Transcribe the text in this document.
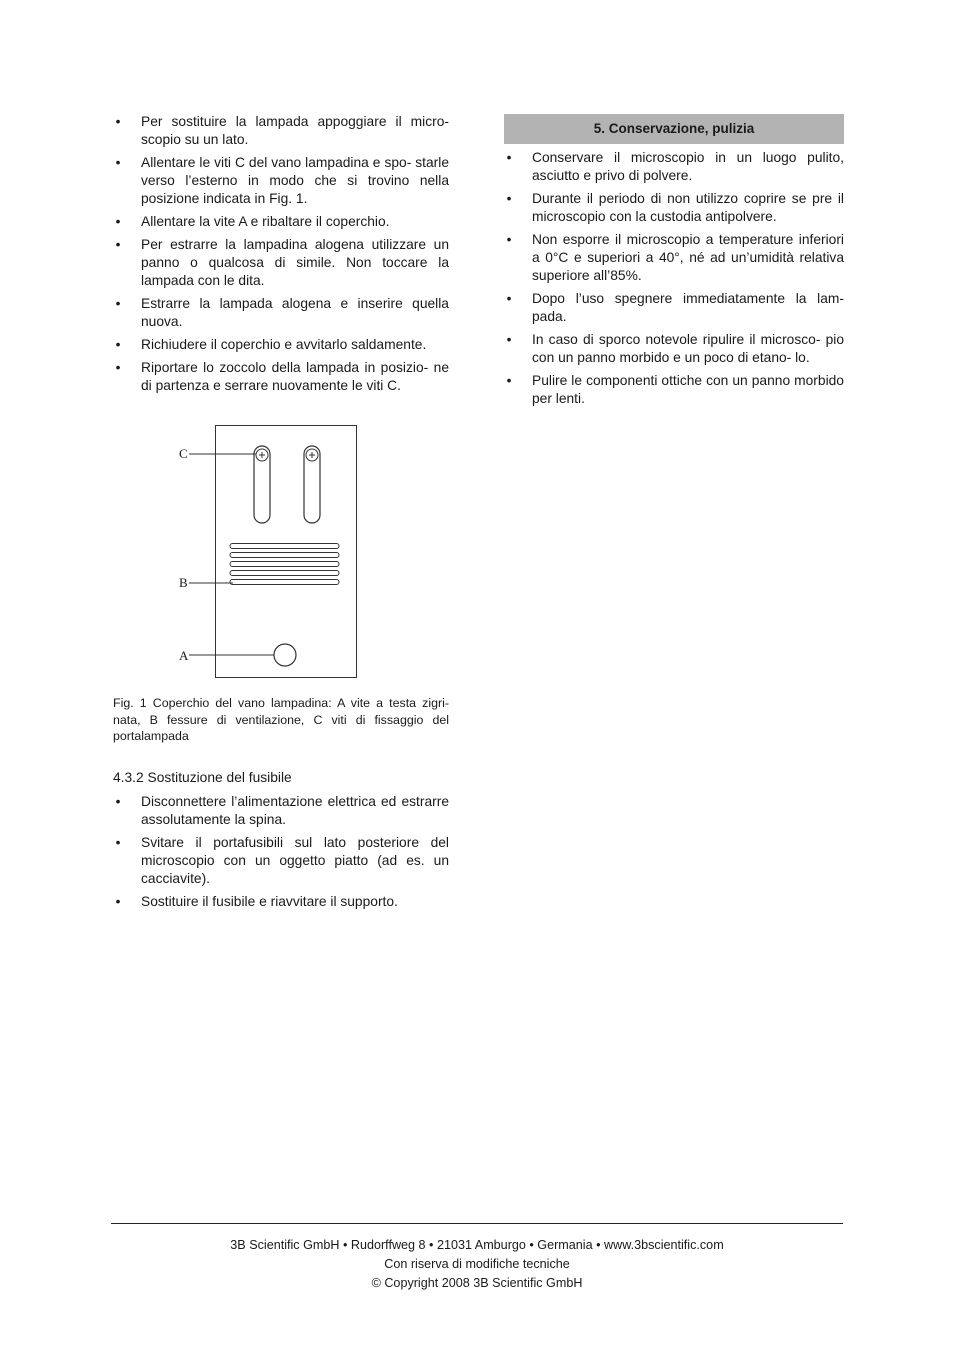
• Per sostituire la lampada appoggiare il micro- scopio su un lato.
• Allentare le viti C del vano lampadina e spo- starle verso l’esterno in modo che si trovino nella posizione indicata in Fig. 1.
• Allentare la vite A e ribaltare il coperchio.
• Per estrarre la lampadina alogena utilizzare un panno o qualcosa di simile. Non toccare la lampada con le dita.
• Estrarre la lampada alogena e inserire quella nuova.
• Richiudere il coperchio e avvitarlo saldamente.
• Riportare lo zoccolo della lampada in posizio- ne di partenza e serrare nuovamente le viti C.
C
B
A
Fig. 1 Coperchio del vano lampadina: A vite a testa zigri- nata, B fessure di ventilazione, C viti di fissaggio del portalampada
4.3.2 Sostituzione del fusibile
• Disconnettere l’alimentazione elettrica ed estrarre assolutamente la spina.
• Svitare il portafusibili sul lato posteriore del microscopio con un oggetto piatto (ad es. un cacciavite).
• Sostituire il fusibile e riavvitare il supporto.
5. Conservazione, pulizia
• Conservare il microscopio in un luogo pulito, asciutto e privo di polvere.
• Durante il periodo di non utilizzo coprire se pre il microscopio con la custodia antipolvere.
• Non esporre il microscopio a temperature inferiori a 0°C e superiori a 40°, né ad un’umidità relativa superiore all’85%.
• Dopo l’uso spegnere immediatamente la lam- pada.
• In caso di sporco notevole ripulire il microsco- pio con un panno morbido e un poco di etano- lo.
• Pulire le componenti ottiche con un panno morbido per lenti.
3B Scientific GmbH • Rudorffweg 8 • 21031 Amburgo • Germania • www.3bscientific.com
Con riserva di modifiche tecniche
© Copyright 2008 3B Scientific GmbH
